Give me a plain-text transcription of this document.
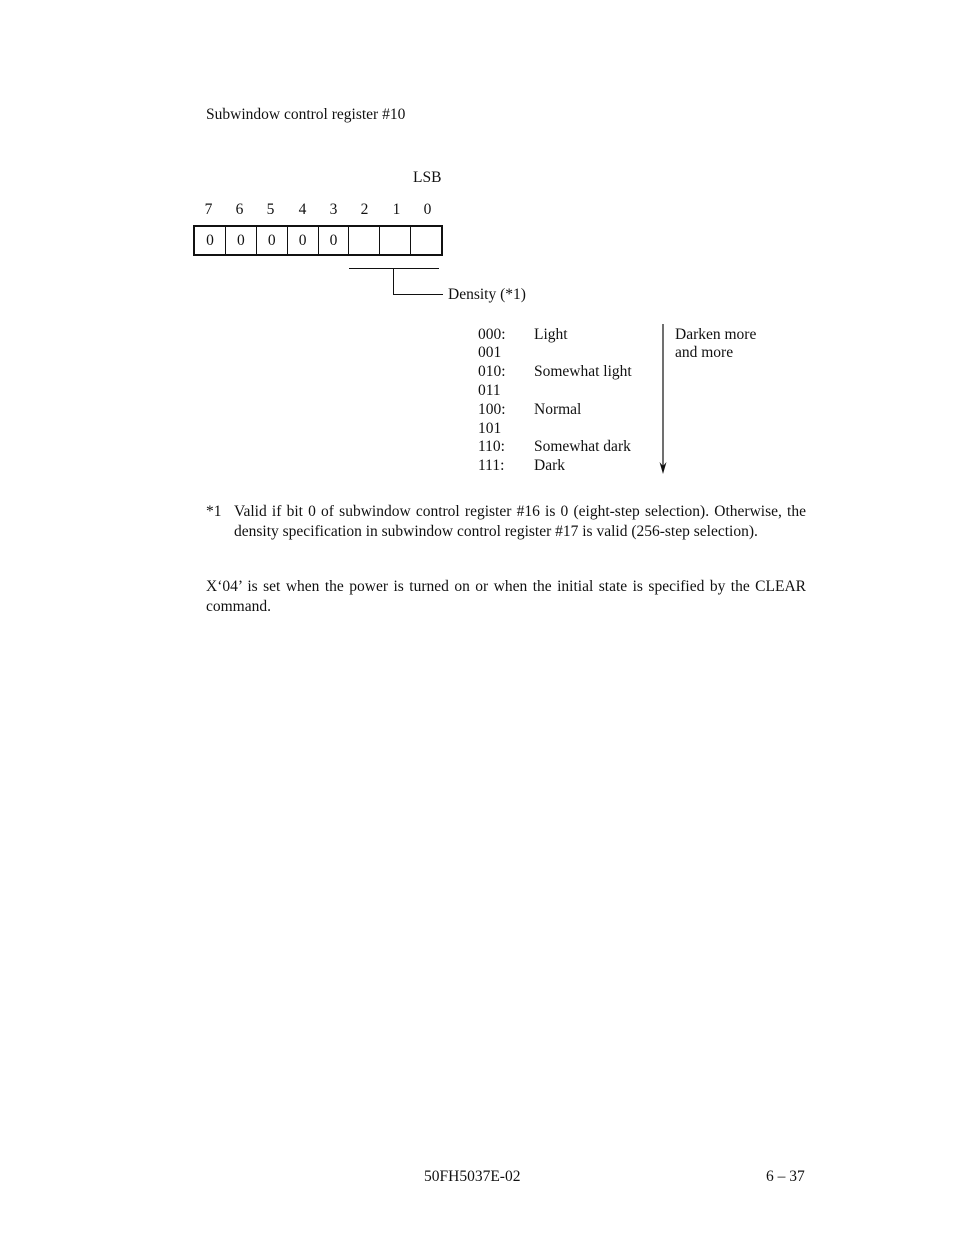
Subwindow control register #10
LSB
7	6	5	4	3	2	1	0
0	0	0	0	0
Density (*1)
000: Light
001
010: Somewhat light
011
100: Normal
101
110: Somewhat dark
111: Dark
Darken more
and more
*1 Valid if bit 0 of subwindow control register #16 is 0 (eight-step selection). Otherwise, the density specification in subwindow control register #17 is valid (256-step selection).
X‘04’ is set when the power is turned on or when the initial state is specified by the CLEAR command.
50FH5037E-02	6 – 37
